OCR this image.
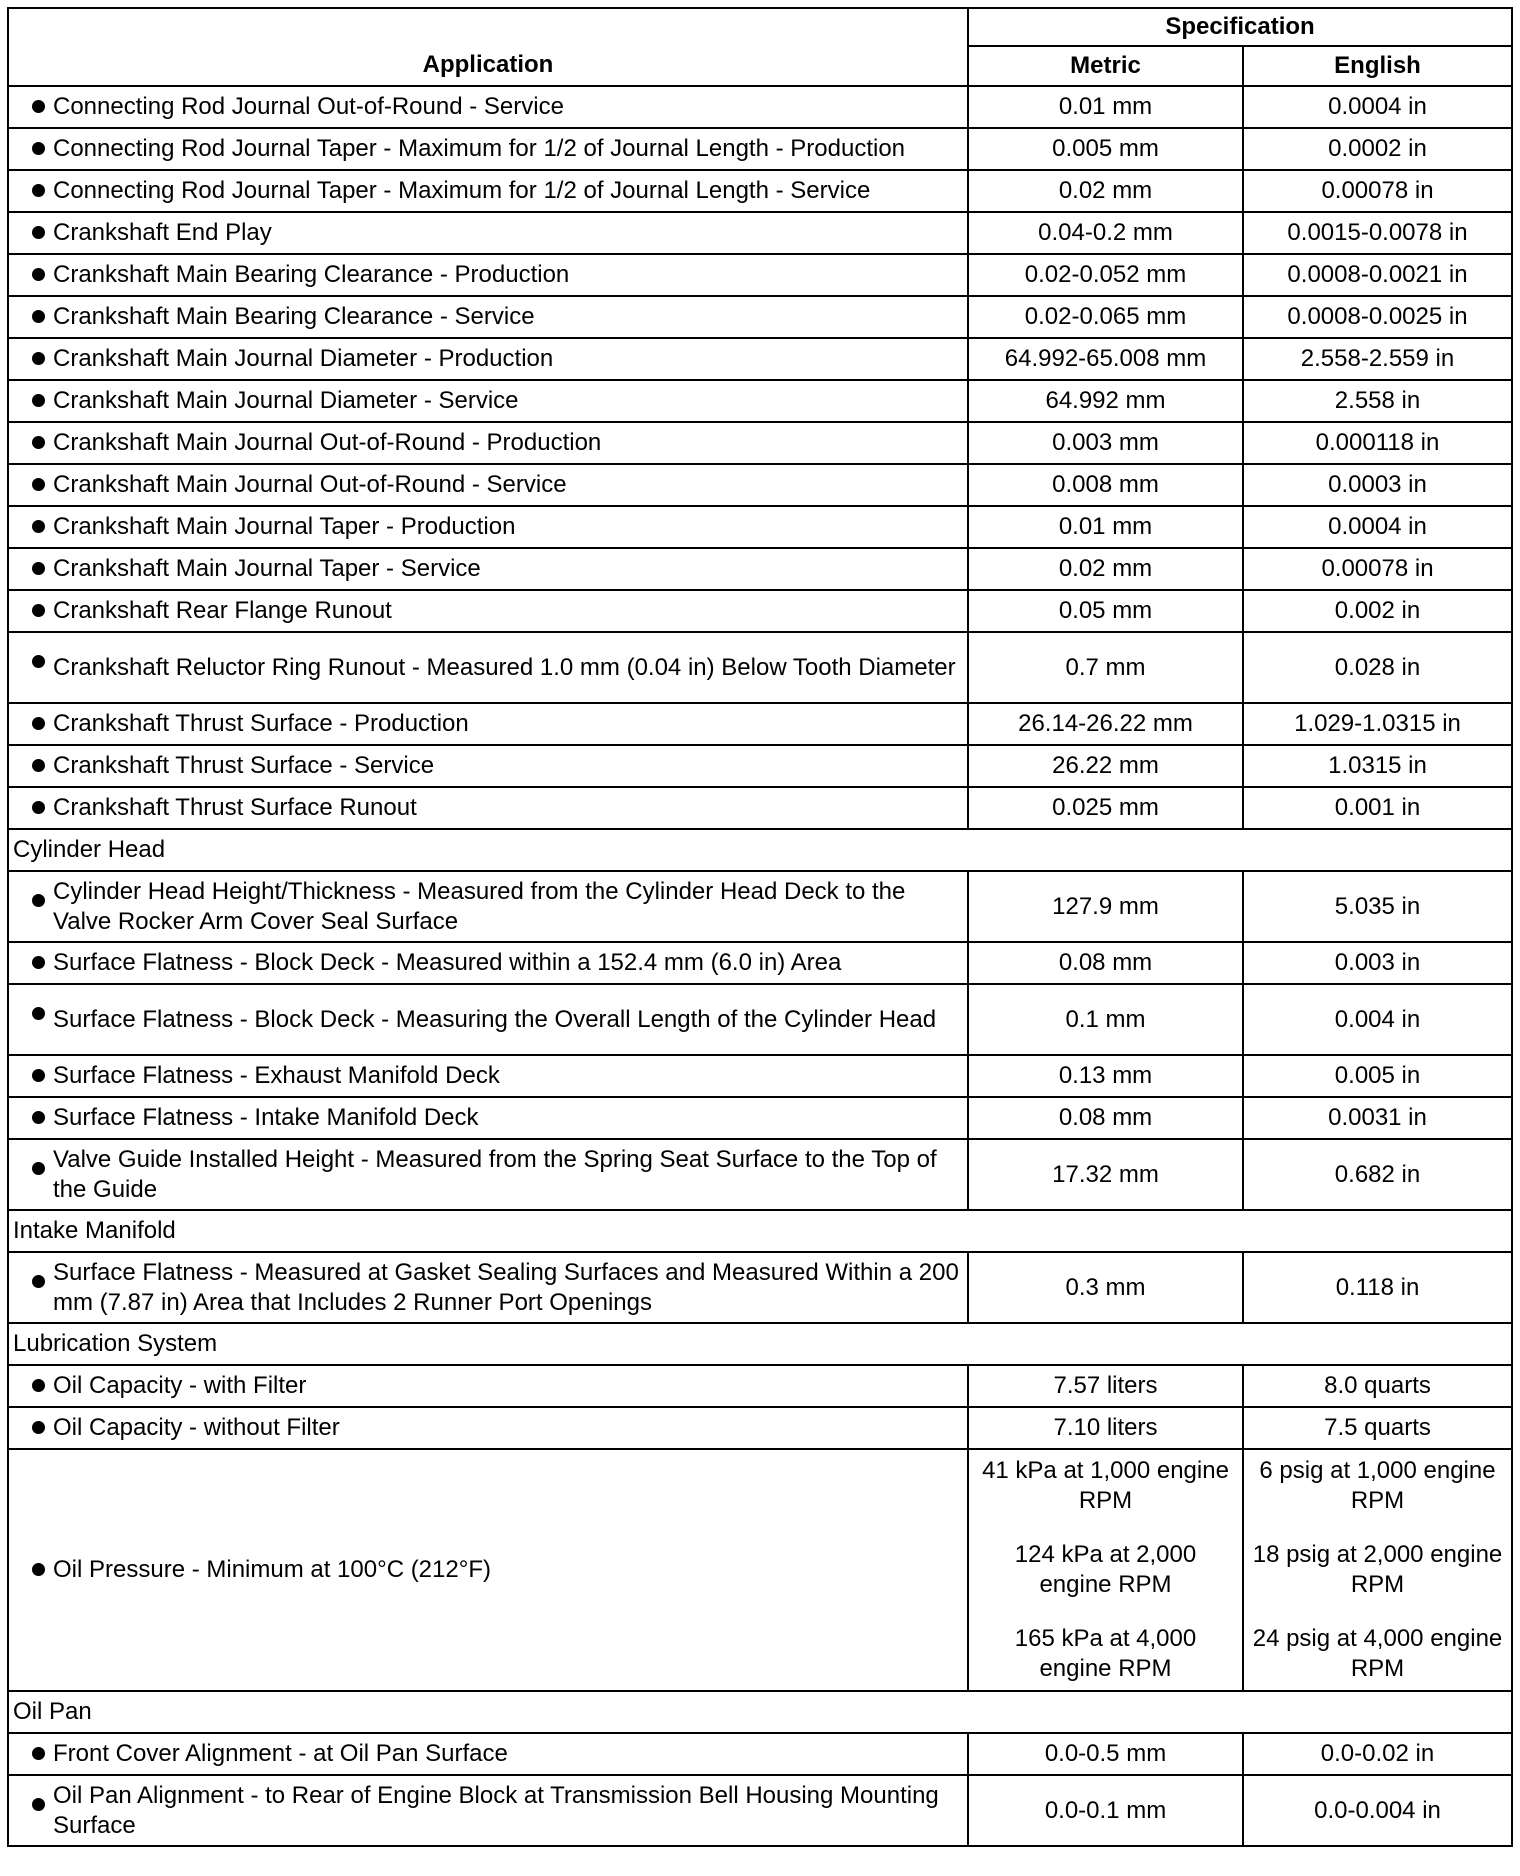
Application	Specification	
	Metric	English

Connecting Rod Journal Out-of-Round - Service	0.01 mm	0.0004 in

Connecting Rod Journal Taper - Maximum for 1/2 of Journal Length - Production	0.005 mm	0.0002 in

Connecting Rod Journal Taper - Maximum for 1/2 of Journal Length - Service	0.02 mm	0.00078 in

Crankshaft End Play	0.04-0.2 mm	0.0015-0.0078 in

Crankshaft Main Bearing Clearance - Production	0.02-0.052 mm	0.0008-0.0021 in

Crankshaft Main Bearing Clearance - Service	0.02-0.065 mm	0.0008-0.0025 in

Crankshaft Main Journal Diameter - Production	64.992-65.008 mm	2.558-2.559 in

Crankshaft Main Journal Diameter - Service	64.992 mm	2.558 in

Crankshaft Main Journal Out-of-Round - Production	0.003 mm	0.000118 in

Crankshaft Main Journal Out-of-Round - Service	0.008 mm	0.0003 in

Crankshaft Main Journal Taper - Production	0.01 mm	0.0004 in

Crankshaft Main Journal Taper - Service	0.02 mm	0.00078 in

Crankshaft Rear Flange Runout	0.05 mm	0.002 in

Crankshaft Reluctor Ring Runout - Measured 1.0 mm (0.04 in) Below Tooth Diameter	0.7 mm	0.028 in

Crankshaft Thrust Surface - Production	26.14-26.22 mm	1.029-1.0315 in

Crankshaft Thrust Surface - Service	26.22 mm	1.0315 in

Crankshaft Thrust Surface Runout	0.025 mm	0.001 in
Cylinder Head		

Cylinder Head Height/Thickness - Measured from the Cylinder Head Deck to the Valve Rocker Arm Cover Seal Surface	127.9 mm	5.035 in

Surface Flatness - Block Deck - Measured within a 152.4 mm (6.0 in) Area	0.08 mm	0.003 in

Surface Flatness - Block Deck - Measuring the Overall Length of the Cylinder Head	0.1 mm	0.004 in

Surface Flatness - Exhaust Manifold Deck	0.13 mm	0.005 in

Surface Flatness - Intake Manifold Deck	0.08 mm	0.0031 in

Valve Guide Installed Height - Measured from the Spring Seat Surface to the Top of the Guide	17.32 mm	0.682 in
Intake Manifold		

Surface Flatness - Measured at Gasket Sealing Surfaces and Measured Within a 200 mm (7.87 in) Area that Includes 2 Runner Port Openings	0.3 mm	0.118 in
Lubrication System		

Oil Capacity - with Filter	7.57 liters	8.0 quarts

Oil Capacity - without Filter	7.10 liters	7.5 quarts

Oil Pressure - Minimum at 100°C (212°F)	41 kPa at 1,000 engine RPM
124 kPa at 2,000 engine RPM
165 kPa at 4,000 engine RPM	6 psig at 1,000 engine RPM
18 psig at 2,000 engine RPM
24 psig at 4,000 engine RPM

Oil Pan		

Front Cover Alignment - at Oil Pan Surface	0.0-0.5 mm	0.0-0.02 in

Oil Pan Alignment - to Rear of Engine Block at Transmission Bell Housing Mounting Surface	0.0-0.1 mm	0.0-0.004 in
